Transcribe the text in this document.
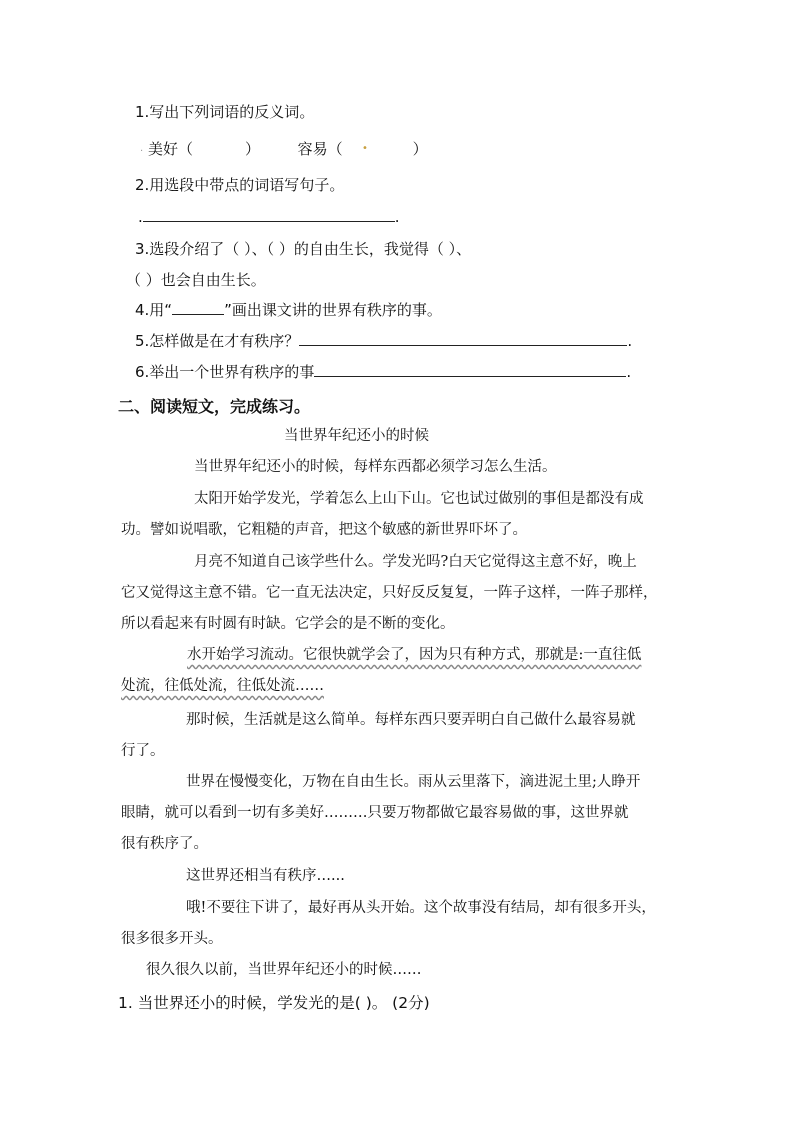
1.写出下列词语的反义词。
· 美好（	）	容易（	）
•
2.用选段中带点的词语写句子。
.	.
3.选段介绍了（ ）、（ ）的自由生长，我觉得（ ）、
（ ）也会自由生长。
4.用“	”画出课文讲的世界有秩序的事。
5.怎样做是在才有秩序？	.
6.举出一个世界有秩序的事	.
二、阅读短文，完成练习。
当世界年纪还小的时候
当世界年纪还小的时候，每样东西都必须学习怎么生活。
太阳开始学发光，学着怎么上山下山。它也试过做别的事但是都没有成
功。譬如说唱歌，它粗糙的声音，把这个敏感的新世界吓坏了。
月亮不知道自己该学些什么。学发光吗?白天它觉得这主意不好，晚上
它又觉得这主意不错。它一直无法决定，只好反反复复，一阵子这样，一阵子那样，
所以看起来有时圆有时缺。它学会的是不断的变化。
水开始学习流动。它很快就学会了，因为只有种方式，那就是:一直往低
处流，往低处流，往低处流……
那时候，生活就是这么简单。每样东西只要弄明白自己做什么最容易就
行了。
世界在慢慢变化，万物在自由生长。雨从云里落下，滴进泥土里;人睁开
眼睛，就可以看到一切有多美好………只要万物都做它最容易做的事，这世界就
很有秩序了。
这世界还相当有秩序…...
哦!不要往下讲了，最好再从头开始。这个故事没有结局，却有很多开头，
很多很多开头。
很久很久以前，当世界年纪还小的时候……
1. 当世界还小的时候，学发光的是( )。 (2分)
